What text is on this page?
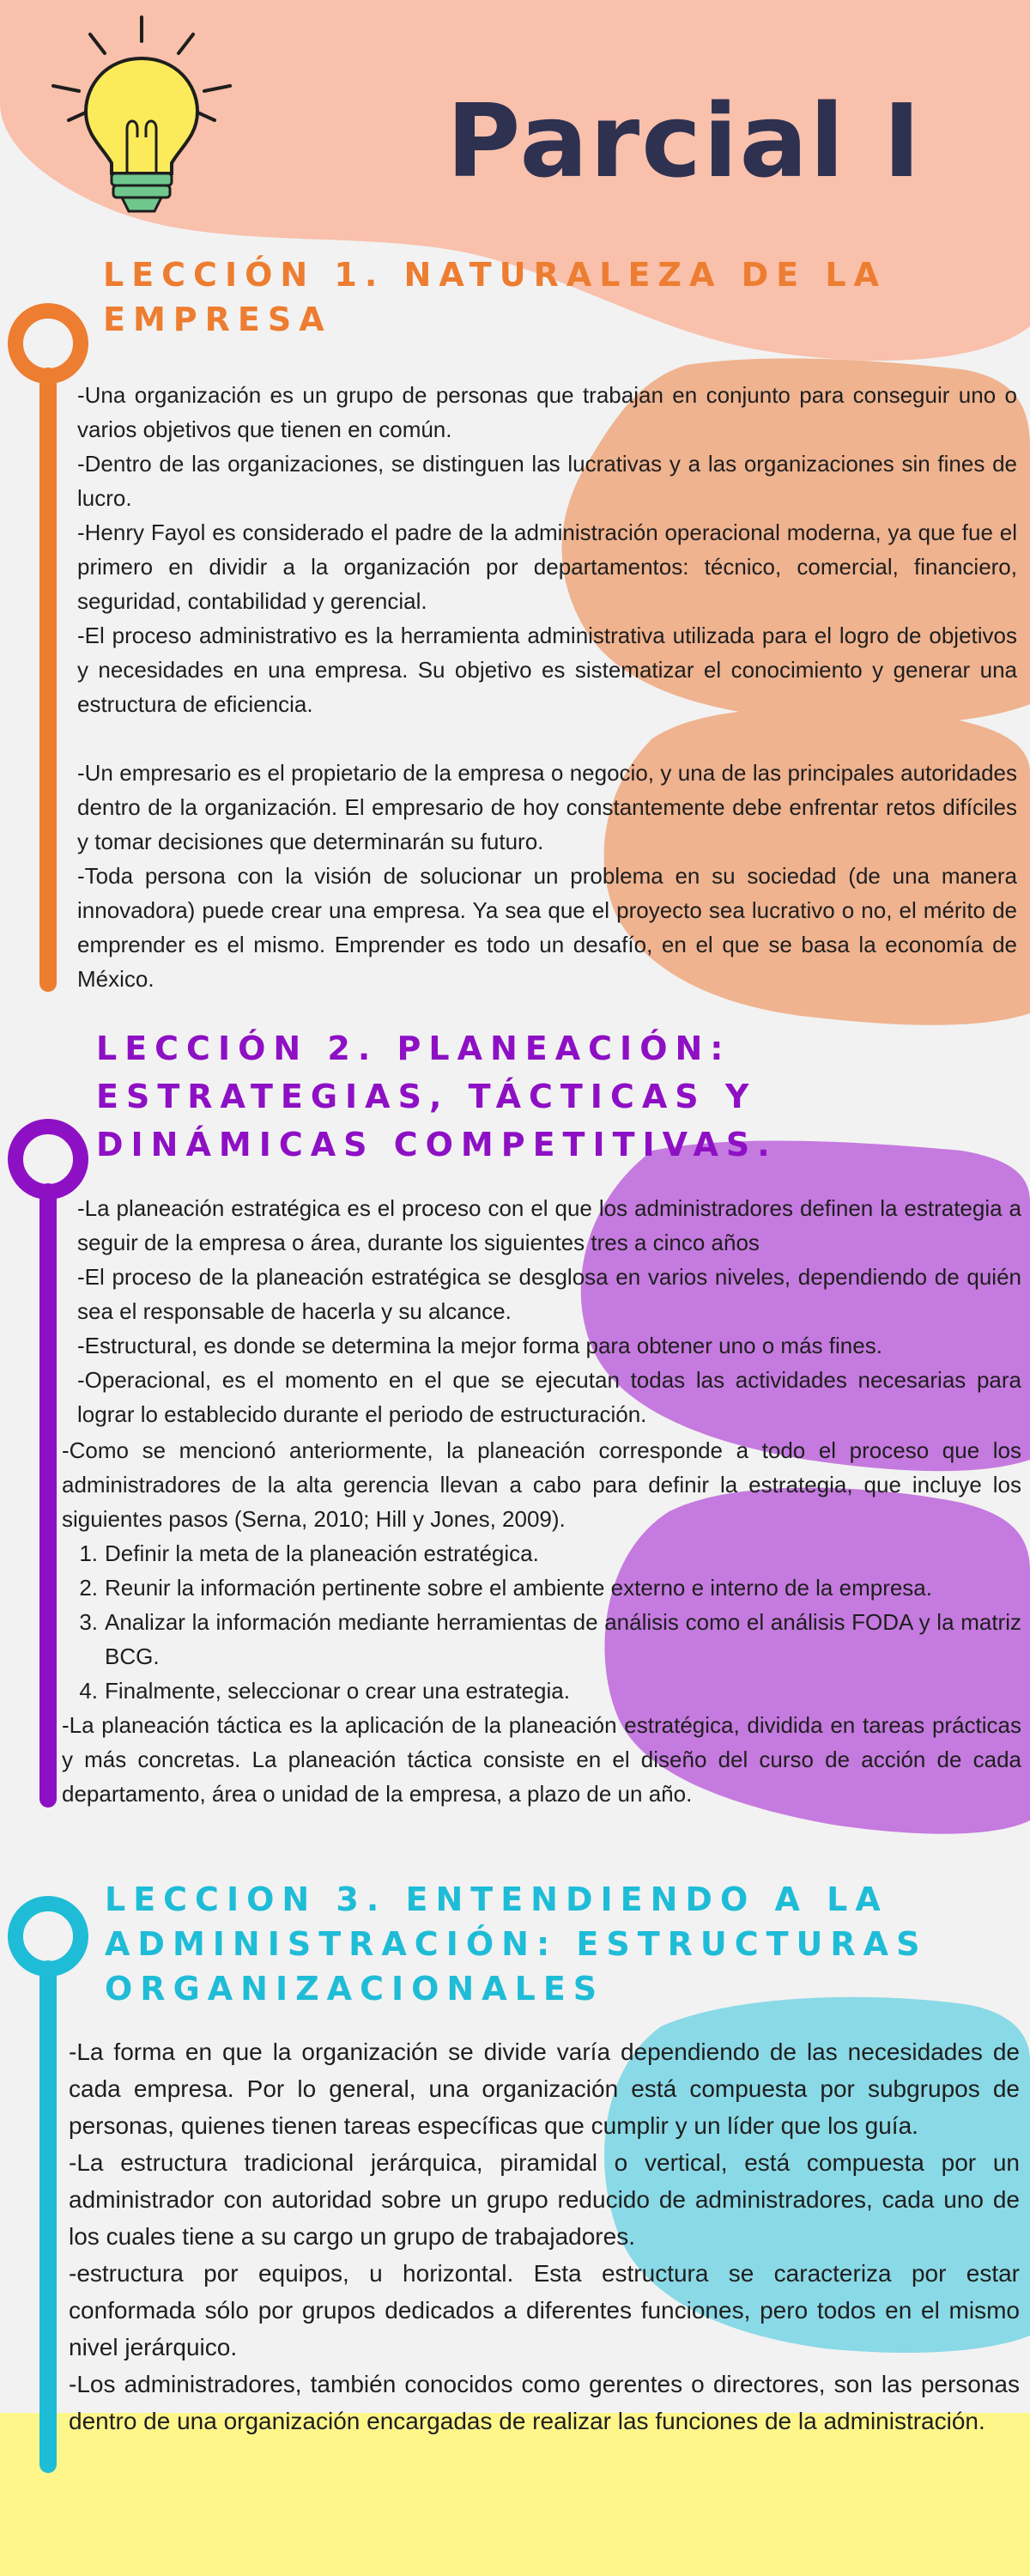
Parcial I
LECCIÓN 1. NATURALEZA DE LA
EMPRESA

-Una organización es un grupo de personas que trabajan en conjunto para conseguir uno o varios objetivos que tienen en común.

-Dentro de las organizaciones, se distinguen las lucrativas y a las organizaciones sin fines de lucro.

-Henry Fayol es considerado el padre de la administración operacional moderna, ya que fue el primero en dividir a la organización por departamentos: técnico, comercial, financiero, seguridad, contabilidad y gerencial.

-El proceso administrativo es la herramienta administrativa utilizada para el logro de objetivos y necesidades en una empresa. Su objetivo es sistematizar el conocimiento y generar una estructura de eficiencia.

-Un empresario es el propietario de la empresa o negocio, y una de las principales autoridades dentro de la organización. El empresario de hoy constantemente debe enfrentar retos difíciles y tomar decisiones que determinarán su futuro.

-Toda persona con la visión de solucionar un problema en su sociedad (de una manera innovadora) puede crear una empresa. Ya sea que el proyecto sea lucrativo o no, el mérito de emprender es el mismo. Emprender es todo un desafío, en el que se basa la economía de México.

LECCIÓN 2. PLANEACIÓN:
ESTRATEGIAS, TÁCTICAS Y
DINÁMICAS COMPETITIVAS.

-La planeación estratégica es el proceso con el que los administradores definen la estrategia a seguir de la empresa o área, durante los siguientes tres a cinco años

-El proceso de la planeación estratégica se desglosa en varios niveles, dependiendo de quién sea el responsable de hacerla y su alcance.

-Estructural, es donde se determina la mejor forma para obtener uno o más fines.

-Operacional, es el momento en el que se ejecutan todas las actividades necesarias para lograr lo establecido durante el periodo de estructuración.

-Como se mencionó anteriormente, la planeación corresponde a todo el proceso que los administradores de la alta gerencia llevan a cabo para definir la estrategia, que incluye los siguientes pasos (Serna, 2010; Hill y Jones, 2009).

1. Definir la meta de la planeación estratégica.
2. Reunir la información pertinente sobre el ambiente externo e interno de la empresa.
3. Analizar la información mediante herramientas de análisis como el análisis FODA y la matriz BCG.
4. Finalmente, seleccionar o crear una estrategia.

-La planeación táctica es la aplicación de la planeación estratégica, dividida en tareas prácticas y más concretas. La planeación táctica consiste en el diseño del curso de acción de cada departamento, área o unidad de la empresa, a plazo de un año.

LECCION 3. ENTENDIENDO A LA
ADMINISTRACIÓN: ESTRUCTURAS
ORGANIZACIONALES

-La forma en que la organización se divide varía dependiendo de las necesidades de cada empresa. Por lo general, una organización está compuesta por subgrupos de personas, quienes tienen tareas específicas que cumplir y un líder que los guía.

-La estructura tradicional jerárquica, piramidal o vertical, está compuesta por un administrador con autoridad sobre un grupo reducido de administradores, cada uno de los cuales tiene a su cargo un grupo de trabajadores.

-estructura por equipos, u horizontal. Esta estructura se caracteriza por estar conformada sólo por grupos dedicados a diferentes funciones, pero todos en el mismo nivel jerárquico.

-Los administradores, también conocidos como gerentes o directores, son las personas dentro de una organización encargadas de realizar las funciones de la administración.
